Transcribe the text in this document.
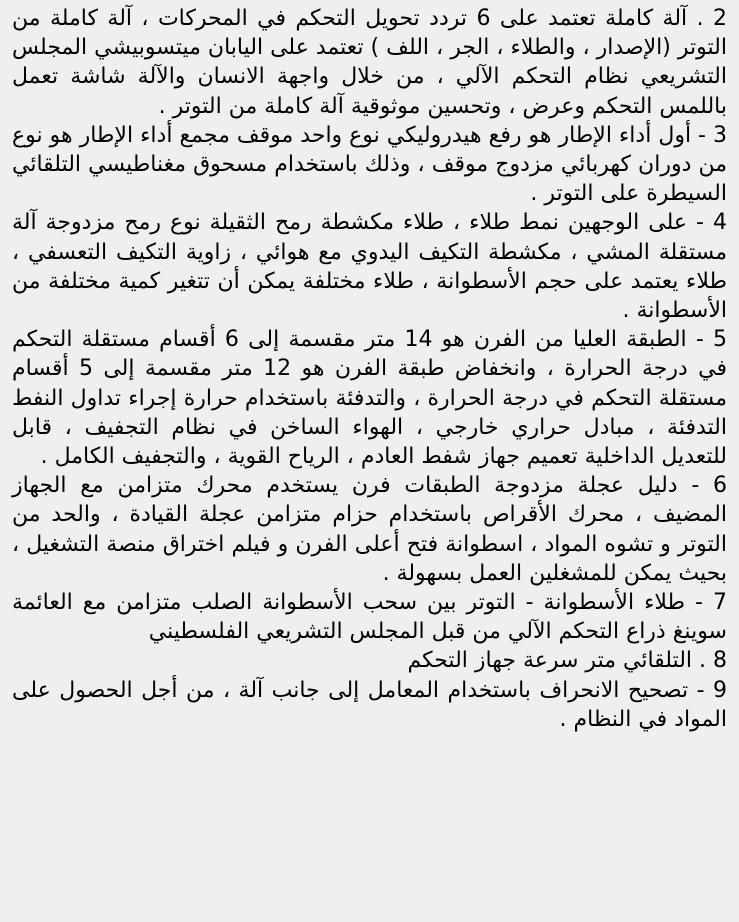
2 . آلة كاملة تعتمد على 6 تردد تحويل التحكم في المحركات ، آلة كاملة من التوتر (الإصدار ، والطلاء ، الجر ، اللف ) تعتمد على اليابان ميتسوبيشي المجلس التشريعي نظام التحكم الآلي ، من خلال واجهة الانسان والآلة شاشة تعمل باللمس التحكم وعرض ، وتحسين موثوقية آلة كاملة من التوتر .

3 - أول أداء الإطار هو رفع هيدروليكي نوع واحد موقف مجمع أداء الإطار هو نوع من دوران كهربائي مزدوج موقف ، وذلك باستخدام مسحوق مغناطيسي التلقائي السيطرة على التوتر .

4 - على الوجهين نمط طلاء ، طلاء مكشطة رمح الثقيلة نوع رمح مزدوجة آلة مستقلة المشي ، مكشطة التكيف اليدوي مع هوائي ، زاوية التكيف التعسفي ، طلاء يعتمد على حجم الأسطوانة ، طلاء مختلفة يمكن أن تتغير كمية مختلفة من الأسطوانة .

5 - الطبقة العليا من الفرن هو 14 متر مقسمة إلى 6 أقسام مستقلة التحكم في درجة الحرارة ، وانخفاض طبقة الفرن هو 12 متر مقسمة إلى 5 أقسام مستقلة التحكم في درجة الحرارة ، والتدفئة باستخدام حرارة إجراء تداول النفط التدفئة ، مبادل حراري خارجي ، الهواء الساخن في نظام التجفيف ، قابل للتعديل الداخلية تعميم جهاز شفط العادم ، الرياح القوية ، والتجفيف الكامل .

6 - دليل عجلة مزدوجة الطبقات فرن يستخدم محرك متزامن مع الجهاز المضيف ، محرك الأقراص باستخدام حزام متزامن عجلة القيادة ، والحد من التوتر و تشوه المواد ، اسطوانة فتح أعلى الفرن و فيلم اختراق منصة التشغيل ، بحيث يمكن للمشغلين العمل بسهولة .

7 - طلاء الأسطوانة - التوتر بين سحب الأسطوانة الصلب متزامن مع العائمة سوينغ ذراع التحكم الآلي من قبل المجلس التشريعي الفلسطيني

8 . التلقائي متر سرعة جهاز التحكم

9 - تصحيح الانحراف باستخدام المعامل إلى جانب آلة ، من أجل الحصول على المواد في النظام .
